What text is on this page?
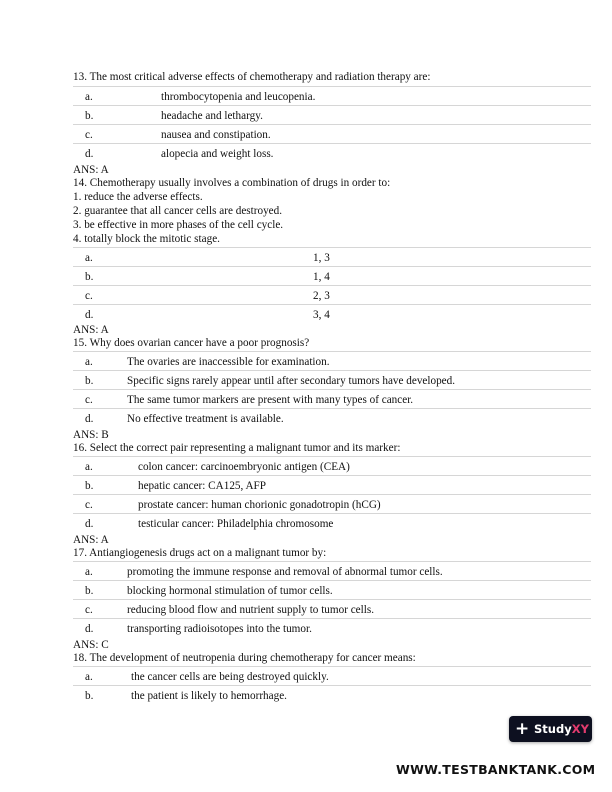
13. The most critical adverse effects of chemotherapy and radiation therapy are:
a.	thrombocytopenia and leucopenia.
b.	headache and lethargy.
c.	nausea and constipation.
d.	alopecia and weight loss.
ANS: A
14. Chemotherapy usually involves a combination of drugs in order to:
1. reduce the adverse effects.
2. guarantee that all cancer cells are destroyed.
3. be effective in more phases of the cell cycle.
4. totally block the mitotic stage.
a.	1, 3
b.	1, 4
c.	2, 3
d.	3, 4
ANS: A
15. Why does ovarian cancer have a poor prognosis?
a.	The ovaries are inaccessible for examination.
b.	Specific signs rarely appear until after secondary tumors have developed.
c.	The same tumor markers are present with many types of cancer.
d.	No effective treatment is available.
ANS: B
16. Select the correct pair representing a malignant tumor and its marker:
a.	colon cancer: carcinoembryonic antigen (CEA)
b.	hepatic cancer: CA125, AFP
c.	prostate cancer: human chorionic gonadotropin (hCG)
d.	testicular cancer: Philadelphia chromosome
ANS: A
17. Antiangiogenesis drugs act on a malignant tumor by:
a.	promoting the immune response and removal of abnormal tumor cells.
b.	blocking hormonal stimulation of tumor cells.
c.	reducing blood flow and nutrient supply to tumor cells.
d.	transporting radioisotopes into the tumor.
ANS: C
18. The development of neutropenia during chemotherapy for cancer means:
a.	the cancer cells are being destroyed quickly.
b.	the patient is likely to hemorrhage.
+ StudyXY
WWW.TESTBANKTANK.COM
